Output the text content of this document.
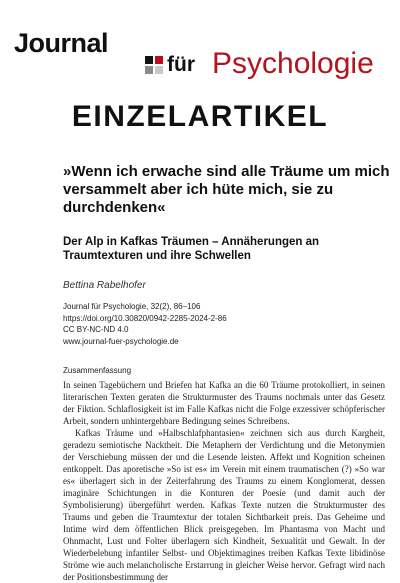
Journal
für Psychologie
EINZELARTIKEL
»Wenn ich erwache sind alle Träume um mich versammelt aber ich hüte mich, sie zu durchdenken«
Der Alp in Kafkas Träumen – Annäherungen an Traumtexturen und ihre Schwellen
Bettina Rabelhofer
Journal für Psychologie, 32(2), 86–106
https://doi.org/10.30820/0942-2285-2024-2-86
CC BY-NC-ND 4.0
www.journal-fuer-psychologie.de
Zusammenfassung

In seinen Tagebüchern und Briefen hat Kafka an die 60 Träume protokolliert, in seinen literarischen Texten geraten die Strukturmuster des Traums nochmals unter das Gesetz der Fiktion. Schlaflosigkeit ist im Falle Kafkas nicht die Folge exzessiver schöpferischer Arbeit, sondern unhintergehbare Bedingung seines Schreibens.

Kafkas Träume und »Halbschlafphantasien« zeichnen sich aus durch Kargheit, geradezu semiotische Nacktheit. Die Metaphern der Verdichtung und die Metonymien der Verschiebung müssen der und die Lesende leisten. Affekt und Kognition scheinen entkoppelt. Das aporetische »So ist es« im Verein mit einem traumatischen (?) »So war es« überlagert sich in der Zeiterfahrung des Traums zu einem Konglomerat, dessen imaginäre Schichtungen in die Konturen der Poesie (und damit auch der Symbolisierung) übergeführt werden. Kafkas Texte nutzen die Strukturmuster des Traums und geben die Traumtextur der totalen Sichtbarkeit preis. Das Geheime und Intime wird dem öffentlichen Blick preisgegeben. Im Phantasma von Macht und Ohnmacht, Lust und Folter überlagern sich Kindheit, Sexualität und Gewalt. In der Wiederbelebung infantiler Selbst- und Objektimagines treiben Kafkas Texte libidinöse Ströme wie auch melancholische Erstarrung in gleicher Weise hervor. Gefragt wird nach der Positionsbestimmung der
